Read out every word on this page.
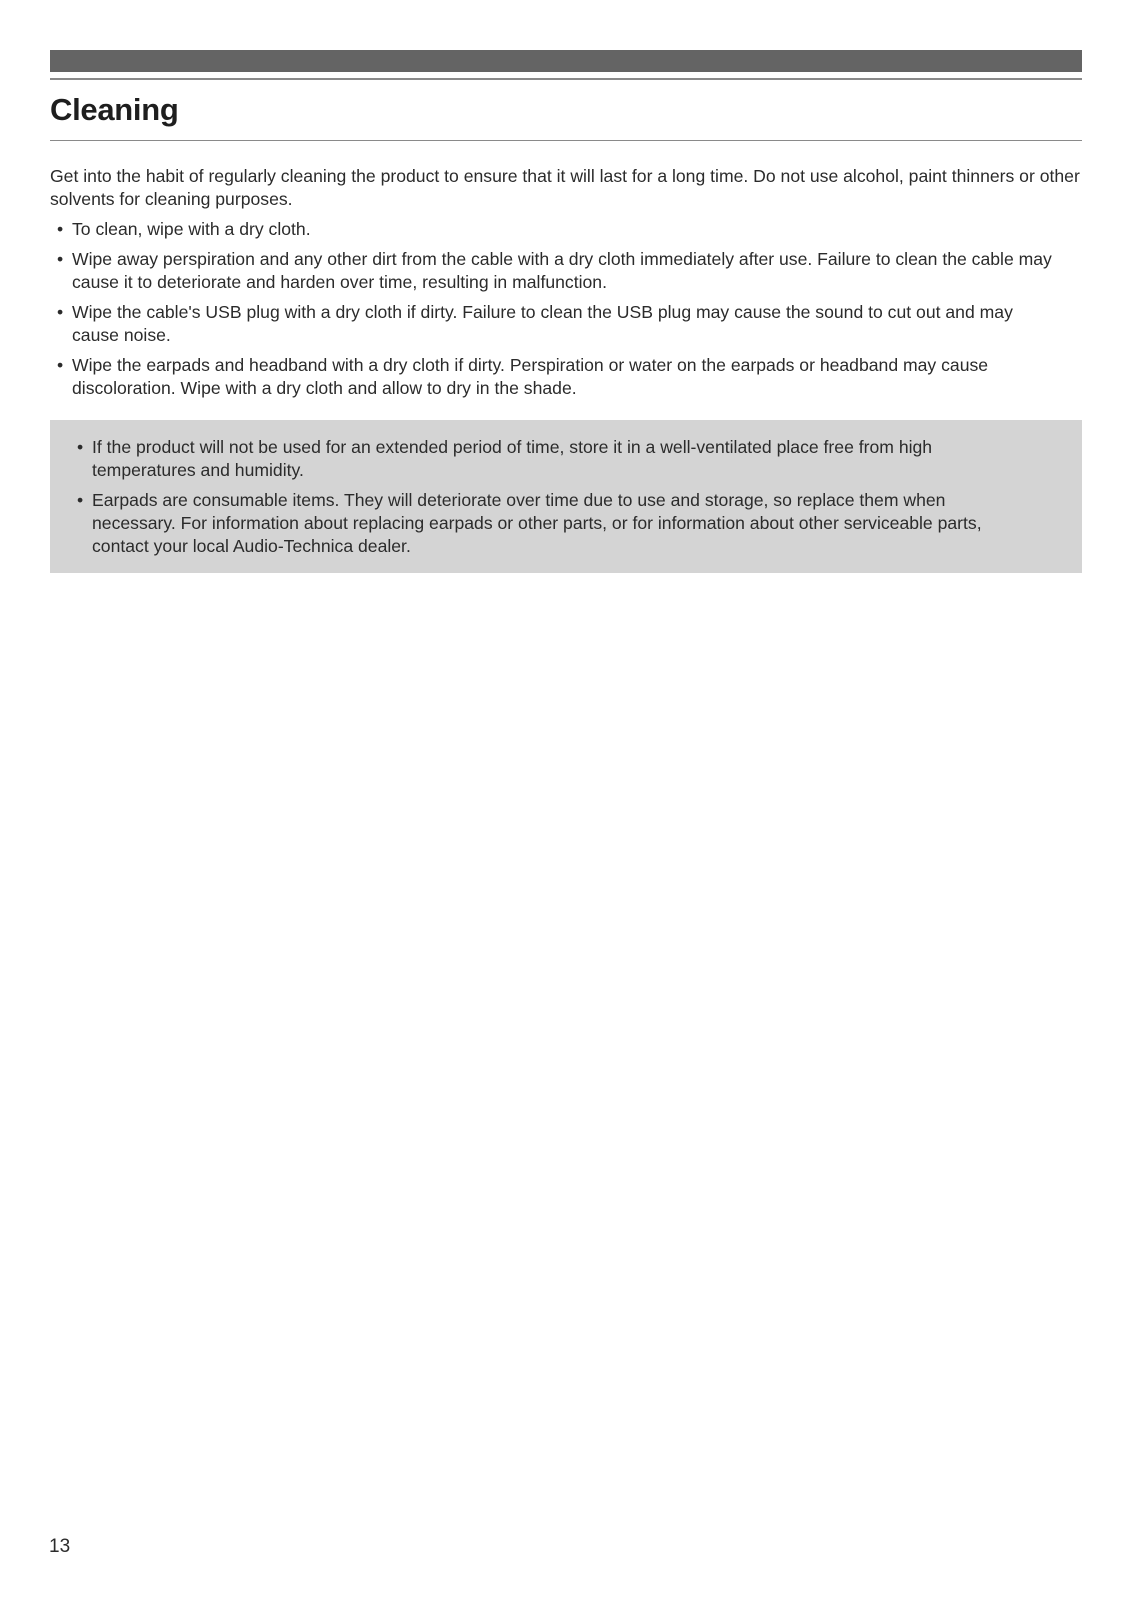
Cleaning

Get into the habit of regularly cleaning the product to ensure that it will last for a long time. Do not use alcohol, paint thinners or other solvents for cleaning purposes.

• To clean, wipe with a dry cloth.
• Wipe away perspiration and any other dirt from the cable with a dry cloth immediately after use. Failure to clean the cable may cause it to deteriorate and harden over time, resulting in malfunction.
• Wipe the cable's USB plug with a dry cloth if dirty. Failure to clean the USB plug may cause the sound to cut out and may cause noise.
• Wipe the earpads and headband with a dry cloth if dirty. Perspiration or water on the earpads or headband may cause discoloration. Wipe with a dry cloth and allow to dry in the shade.
• If the product will not be used for an extended period of time, store it in a well-ventilated place free from high temperatures and humidity.
• Earpads are consumable items. They will deteriorate over time due to use and storage, so replace them when necessary. For information about replacing earpads or other parts, or for information about other serviceable parts, contact your local Audio-Technica dealer.
13
